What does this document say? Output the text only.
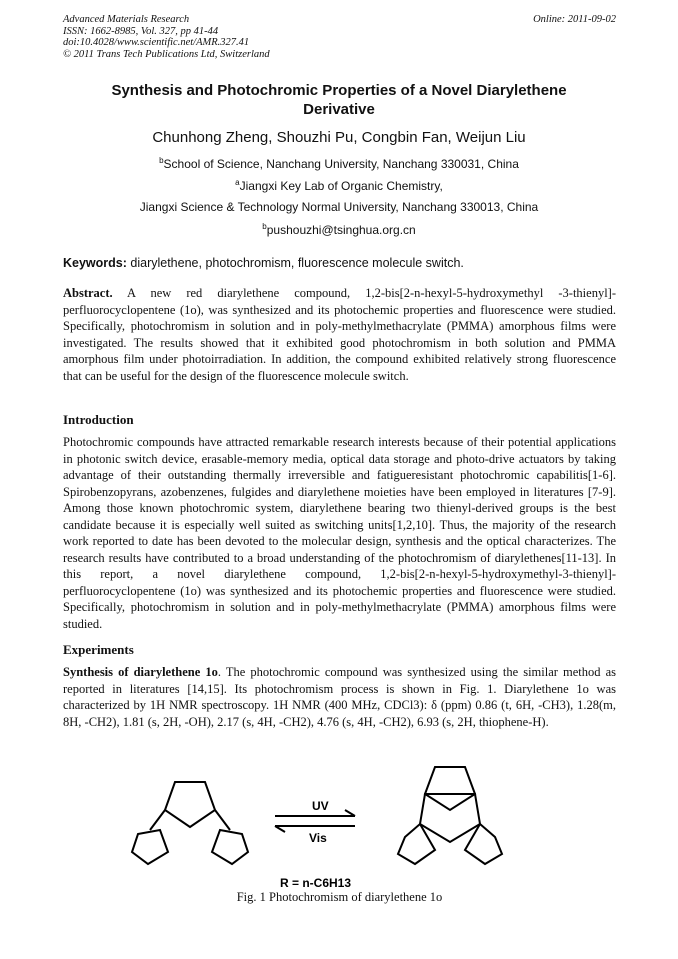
Advanced Materials Research
ISSN: 1662-8985, Vol. 327, pp 41-44
doi:10.4028/www.scientific.net/AMR.327.41
© 2011 Trans Tech Publications Ltd, Switzerland
Online: 2011-09-02
Synthesis and Photochromic Properties of a Novel Diarylethene Derivative
Chunhong Zheng, Shouzhi Pu, Congbin Fan, Weijun Liu
$^b$School of Science, Nanchang University, Nanchang 330031, China
$^a$Jiangxi Key Lab of Organic Chemistry,
Jiangxi Science & Technology Normal University, Nanchang 330013, China
$^b$pushouzhi@tsinghua.org.cn
Keywords: diarylethene, photochromism, fluorescence molecule switch.
Abstract. A new red diarylethene compound, 1,2-bis[2-n-hexyl-5-hydroxymethyl -3-thienyl]-perfluorocyclopentene (1o), was synthesized and its photochemic properties and fluorescence were studied. Specifically, photochromism in solution and in poly-methylmethacrylate (PMMA) amorphous films were investigated. The results showed that it exhibited good photochromism in both solution and PMMA amorphous film under photoirradiation. In addition, the compound exhibited relatively strong fluorescence that can be useful for the design of the fluorescence molecule switch.
Introduction
Photochromic compounds have attracted remarkable research interests because of their potential applications in photonic switch device, erasable-memory media, optical data storage and photo-drive actuators by taking advantage of their outstanding thermally irreversible and fatigueresistant photochromic capabilitis[1-6]. Spirobenzopyrans, azobenzenes, fulgides and diarylethene moieties have been employed in literatures [7-9]. Among those known photochromic system, diarylethene bearing two thienyl-derived groups is the best candidate because it is especially well suited as switching units[1,2,10]. Thus, the majority of the research work reported to date has been devoted to the molecular design, synthesis and the optical characterizes. The research results have contributed to a broad understanding of the photochromism of diarylethenes[11-13]. In this report, a novel diarylethene compound, 1,2-bis[2-n-hexyl-5-hydroxymethyl-3-thienyl]-perfluorocyclopentene (1o) was synthesized and its photochemic properties and fluorescence were studied. Specifically, photochromism in solution and in poly-methylmethacrylate (PMMA) amorphous films were studied.
Experiments
Synthesis of diarylethene 1o. The photochromic compound was synthesized using the similar method as reported in literatures [14,15]. Its photochromism process is shown in Fig. 1. Diarylethene 1o was characterized by 1H NMR spectroscopy. 1H NMR (400 MHz, CDCl3): δ (ppm) 0.86 (t, 6H, -CH3), 1.28(m, 8H, -CH2), 1.81 (s, 2H, -OH), 2.17 (s, 4H, -CH2), 4.76 (s, 4H, -CH2), 6.93 (s, 2H, thiophene-H).
UV
Vis
R = n-C6H13
Fig. 1 Photochromism of diarylethene 1o
